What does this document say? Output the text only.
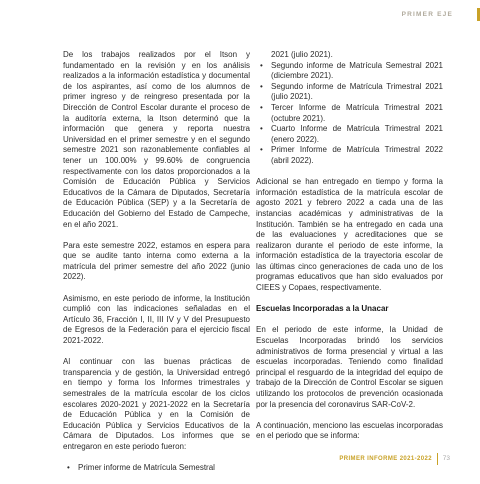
PRIMER EJE

De los trabajos realizados por el Itson y fundamentado en la revisión y en los análisis realizados a la información estadística y documental de los aspirantes, así como de los alumnos de primer ingreso y de reingreso presentada por la Dirección de Control Escolar durante el proceso de la auditoría externa, la Itson determinó que la información que genera y reporta nuestra Universidad en el primer semestre y en el segundo semestre 2021 son razonablemente confiables al tener un 100.00% y 99.60% de congruencia respectivamente con los datos proporcionados a la Comisión de Educación Pública y Servicios Educativos de la Cámara de Diputados, Secretaría de Educación Pública (SEP) y a la Secretaría de Educación del Gobierno del Estado de Campeche, en el año 2021.

Para este semestre 2022, estamos en espera para que se audite tanto interna como externa a la matrícula del primer semestre del año 2022 (junio 2022).

Asimismo, en este periodo de informe, la Institución cumplió con las indicaciones señaladas en el Artículo 36, Fracción I, II, III IV y V del Presupuesto de Egresos de la Federación para el ejercicio fiscal 2021-2022.

Al continuar con las buenas prácticas de transparencia y de gestión, la Universidad entregó en tiempo y forma los Informes trimestrales y semestrales de la matrícula escolar de los ciclos escolares 2020-2021 y 2021-2022 en la Secretaría de Educación Pública y en la Comisión de Educación Pública y Servicios Educativos de la Cámara de Diputados. Los informes que se entregaron en este periodo fueron:

• Primer informe de Matrícula Semestral
2021 (julio 2021).
• Segundo informe de Matrícula Semestral 2021 (diciembre 2021).
• Segundo informe de Matrícula Trimestral 2021 (julio 2021).
• Tercer Informe de Matrícula Trimestral 2021 (octubre 2021).
• Cuarto Informe de Matrícula Trimestral 2021 (enero 2022).
• Primer Informe de Matrícula Trimestral 2022 (abril 2022).

Adicional se han entregado en tiempo y forma la información estadística de la matrícula escolar de agosto 2021 y febrero 2022 a cada una de las instancias académicas y administrativas de la Institución. También se ha entregado en cada una de las evaluaciones y acreditaciones que se realizaron durante el periodo de este informe, la información estadística de la trayectoria escolar de las últimas cinco generaciones de cada uno de los programas educativos que han sido evaluados por CIEES y Copaes, respectivamente.

Escuelas Incorporadas a la Unacar

En el periodo de este informe, la Unidad de Escuelas Incorporadas brindó los servicios administrativos de forma presencial y virtual a las escuelas incorporadas. Teniendo como finalidad principal el resguardo de la integridad del equipo de trabajo de la Dirección de Control Escolar se siguen utilizando los protocolos de prevención ocasionada por la presencia del coronavirus SAR-CoV-2.

A continuación, menciono las escuelas incorporadas en el periodo que se informa:

PRIMER INFORME 2021-2022 73
